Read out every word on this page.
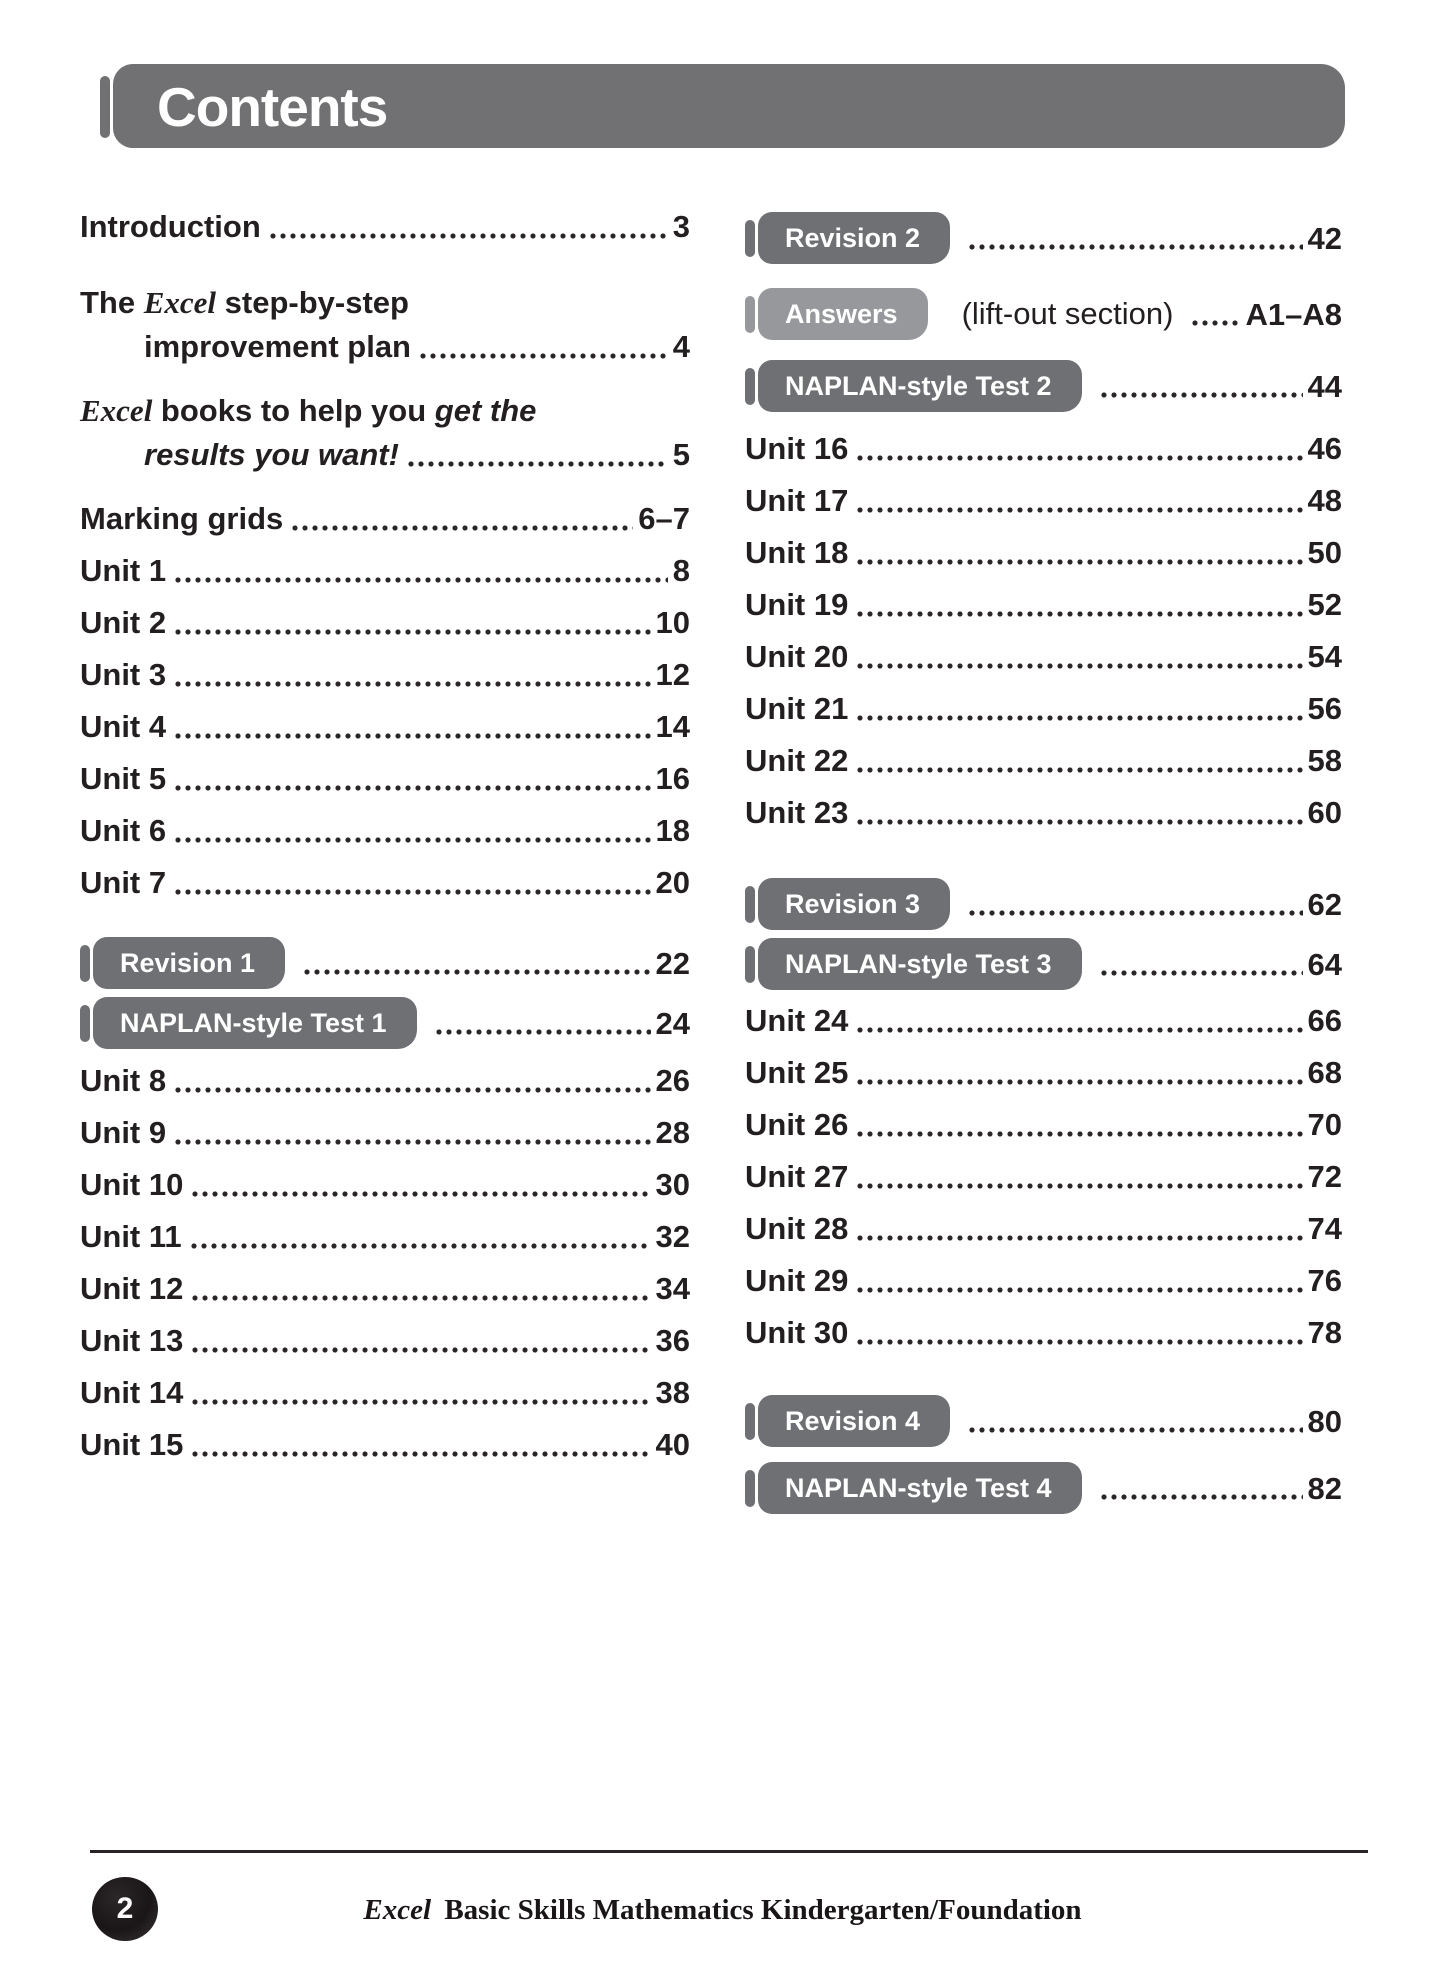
Contents
Introduction	3
The Excel step-by-step
improvement plan	4
Excel books to help you get the
results you want!	5
Marking grids	6–7
Unit 1	8
Unit 2	10
Unit 3	12
Unit 4	14
Unit 5	16
Unit 6	18
Unit 7	20
Revision 1	22
NAPLAN-style Test 1	24
Unit 8	26
Unit 9	28
Unit 10	30
Unit 11	32
Unit 12	34
Unit 13	36
Unit 14	38
Unit 15	40
Revision 2	42
Answers	(lift-out section) A1–A8
NAPLAN-style Test 2	44
Unit 16	46
Unit 17	48
Unit 18	50
Unit 19	52
Unit 20	54
Unit 21	56
Unit 22	58
Unit 23	60
Revision 3	62
NAPLAN-style Test 3	64
Unit 24	66
Unit 25	68
Unit 26	70
Unit 27	72
Unit 28	74
Unit 29	76
Unit 30	78
Revision 4	80
NAPLAN-style Test 4	82
2	Excel Basic Skills Mathematics Kindergarten/Foundation
